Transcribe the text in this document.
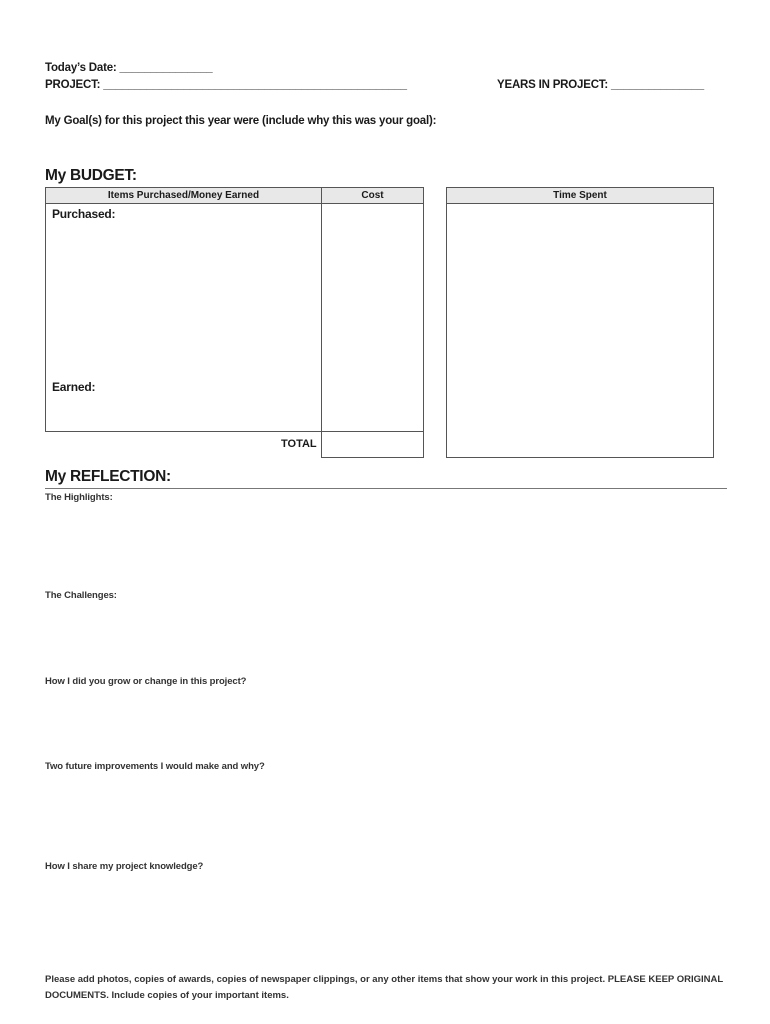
Today’s Date: _______________
PROJECT: _________________________________________________	YEARS IN PROJECT: _______________
My Goal(s) for this project this year were (include why this was your goal):
My BUDGET:
Items Purchased/Money Earned	Cost	Time Spent
Purchased:
Earned:
TOTAL
My REFLECTION:
The Highlights:
The Challenges:
How I did you grow or change in this project?
Two future improvements I would make and why?
How I share my project knowledge?
Please add photos, copies of awards, copies of newspaper clippings, or any other items that show your work in this project. PLEASE KEEP ORIGINAL DOCUMENTS. Include copies of your important items.
